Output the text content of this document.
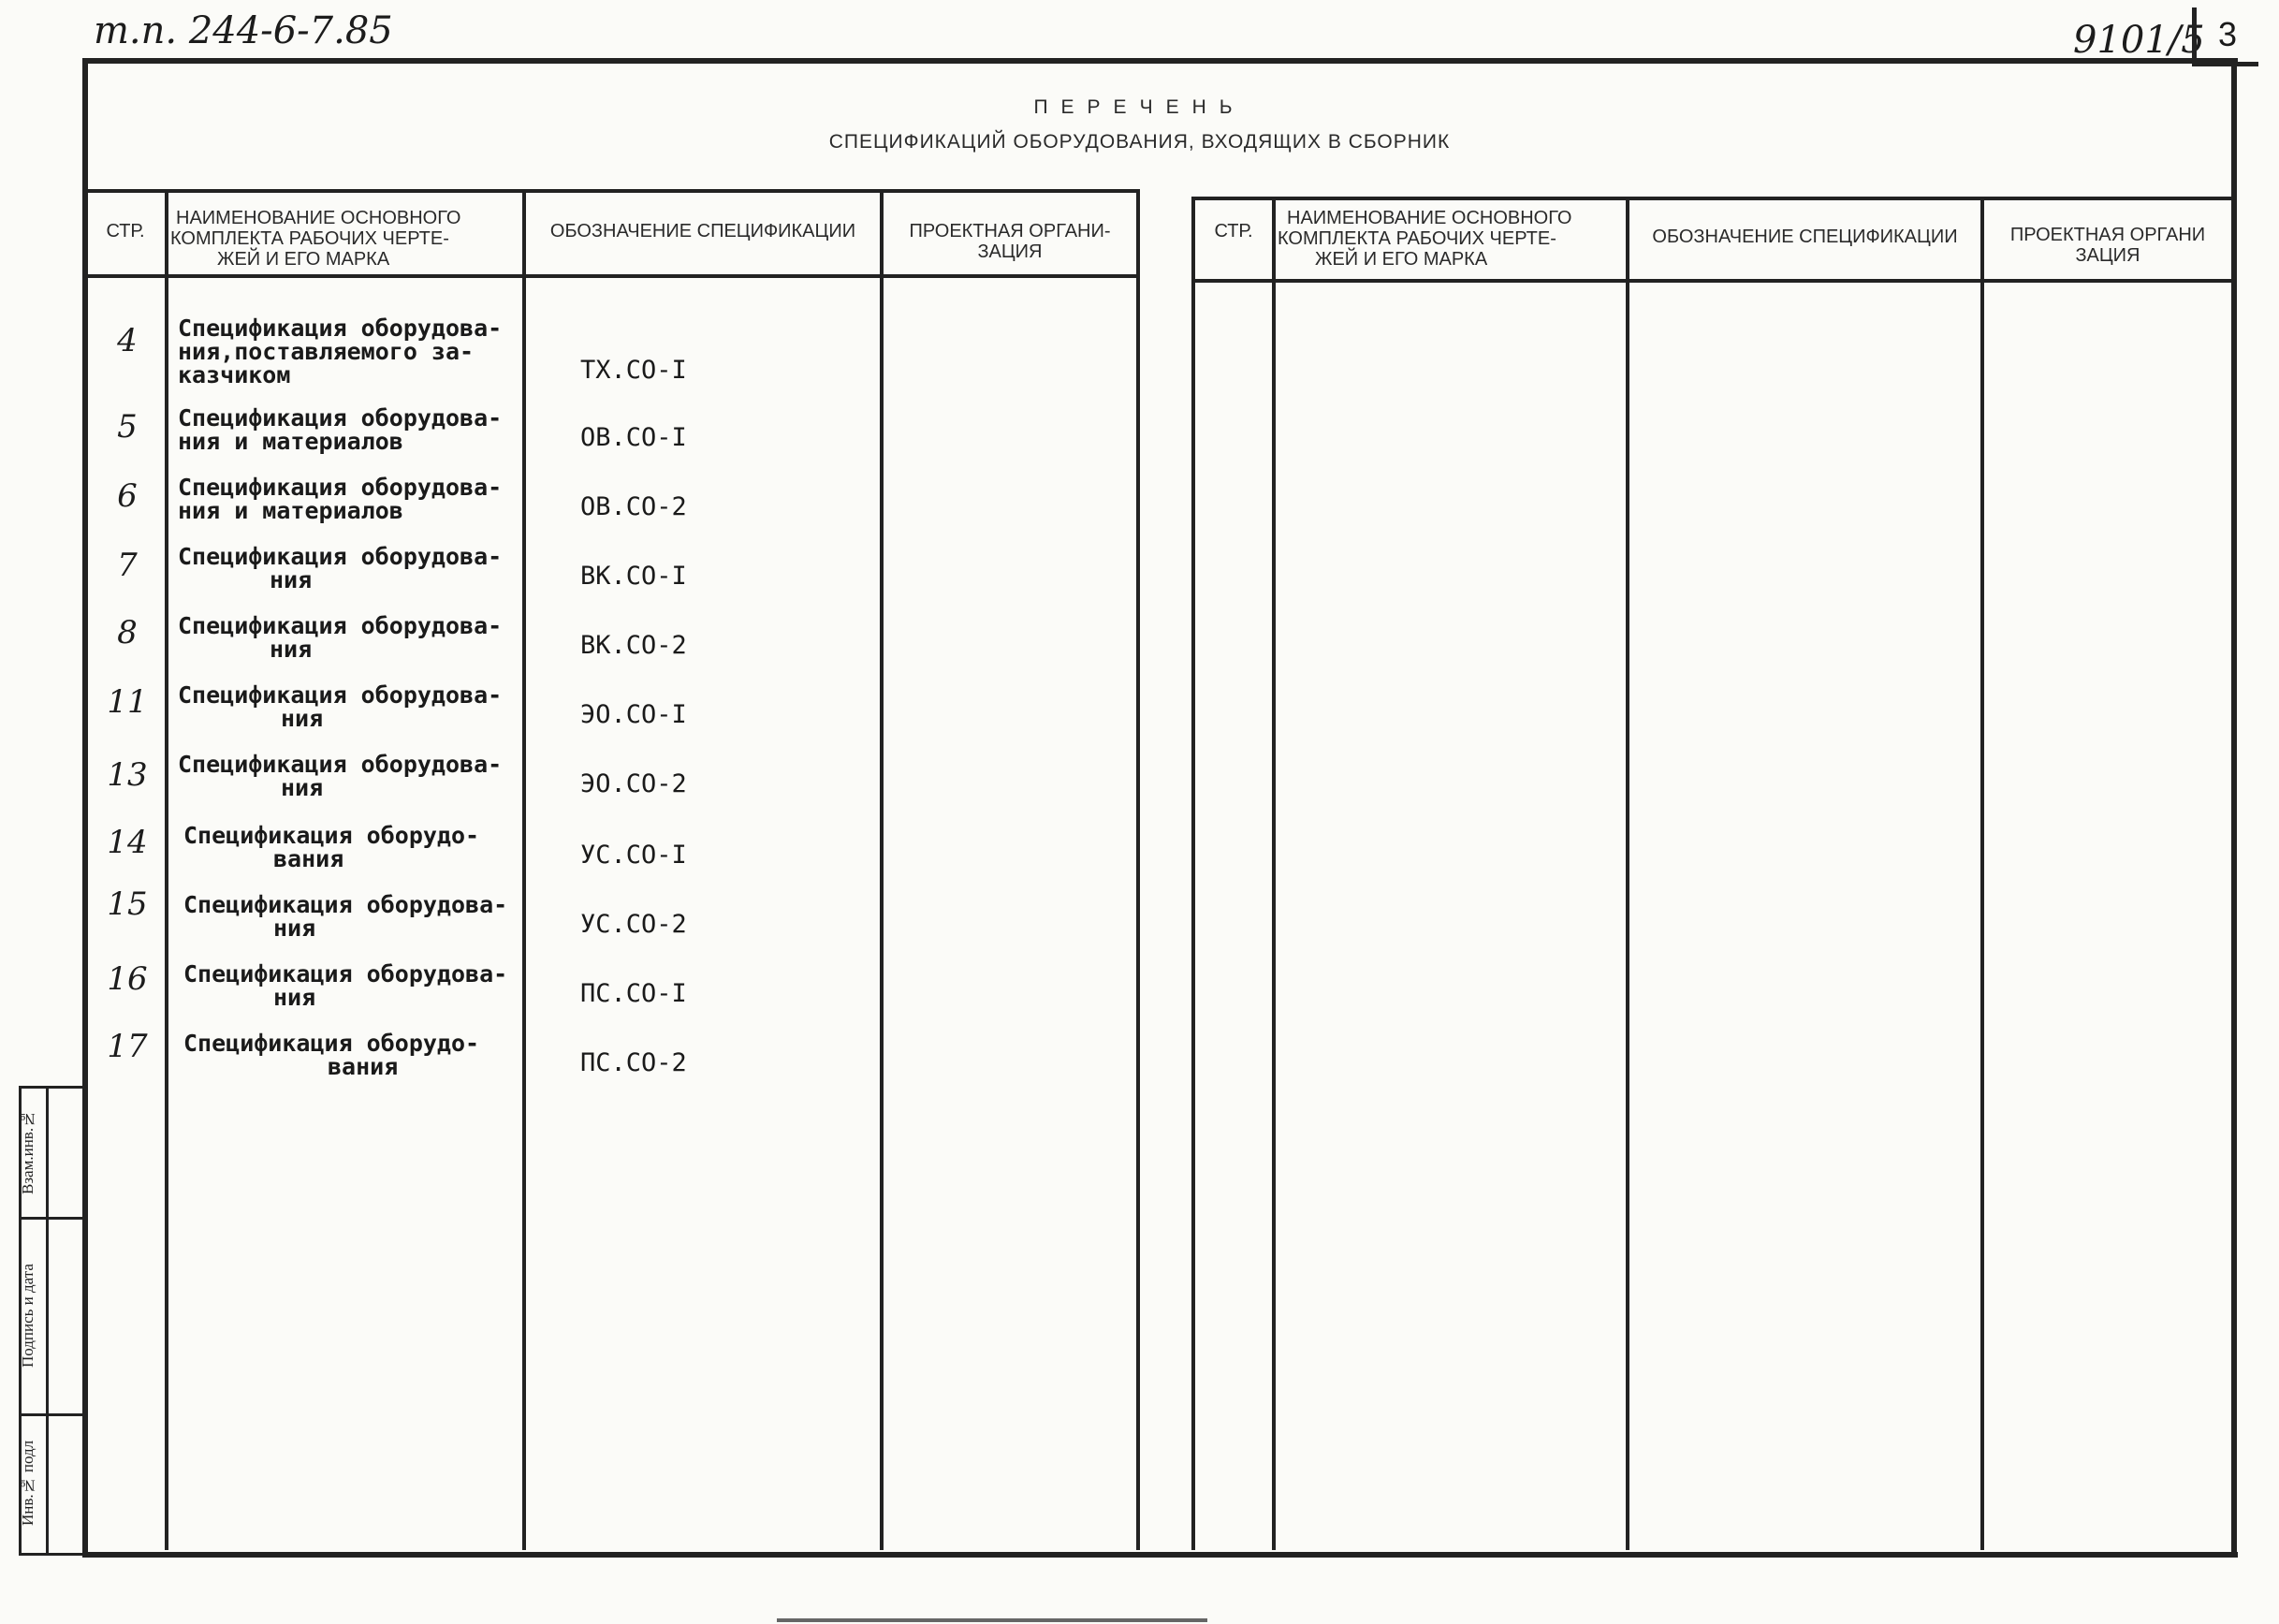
т.п. 244-6-7.85	9101/5 3
ПЕРЕЧЕНЬ
СПЕЦИФИКАЦИЙ ОБОРУДОВАНИЯ, ВХОДЯЩИХ В СБОРНИК
СТР.
НАИМЕНОВАНИЕ ОСНОВНОГО
КОМПЛЕКТА РАБОЧИХ ЧЕРТЕ-
ЖЕЙ И ЕГО МАРКА
ОБОЗНАЧЕНИЕ СПЕЦИФИКАЦИИ	ПРОЕКТНАЯ ОРГАНИ-
ЗАЦИЯ
СТР.
НАИМЕНОВАНИЕ ОСНОВНОГО
КОМПЛЕКТА РАБОЧИХ ЧЕРТЕ-
ЖЕЙ И ЕГО МАРКА
ОБОЗНАЧЕНИЕ СПЕЦИФИКАЦИИ	ПРОЕКТНАЯ ОРГАНИ
ЗАЦИЯ
4	Спецификация оборудова-
ния,поставляемого за-
казчиком	ТХ.СО-I
5	Спецификация оборудова-
ния и материалов	ОВ.СО-I
6	Спецификация оборудова-
ния и материалов	ОВ.СО-2
7	Спецификация оборудова-
ния	ВК.СО-I
8	Спецификация оборудова-
ния	ВК.СО-2
11	Спецификация оборудова-
ния	ЭО.СО-I
13	Спецификация оборудова-
ния	ЭО.СО-2
14	Спецификация оборудо-
вания	УС.СО-I
15	Спецификация оборудова-
ния	УС.СО-2
16	Спецификация оборудова-
ния	ПС.СО-I
17	Спецификация оборудо-
вания	ПС.СО-2
Взам.инв.№
Подпись и дата
Инв.№ подл
